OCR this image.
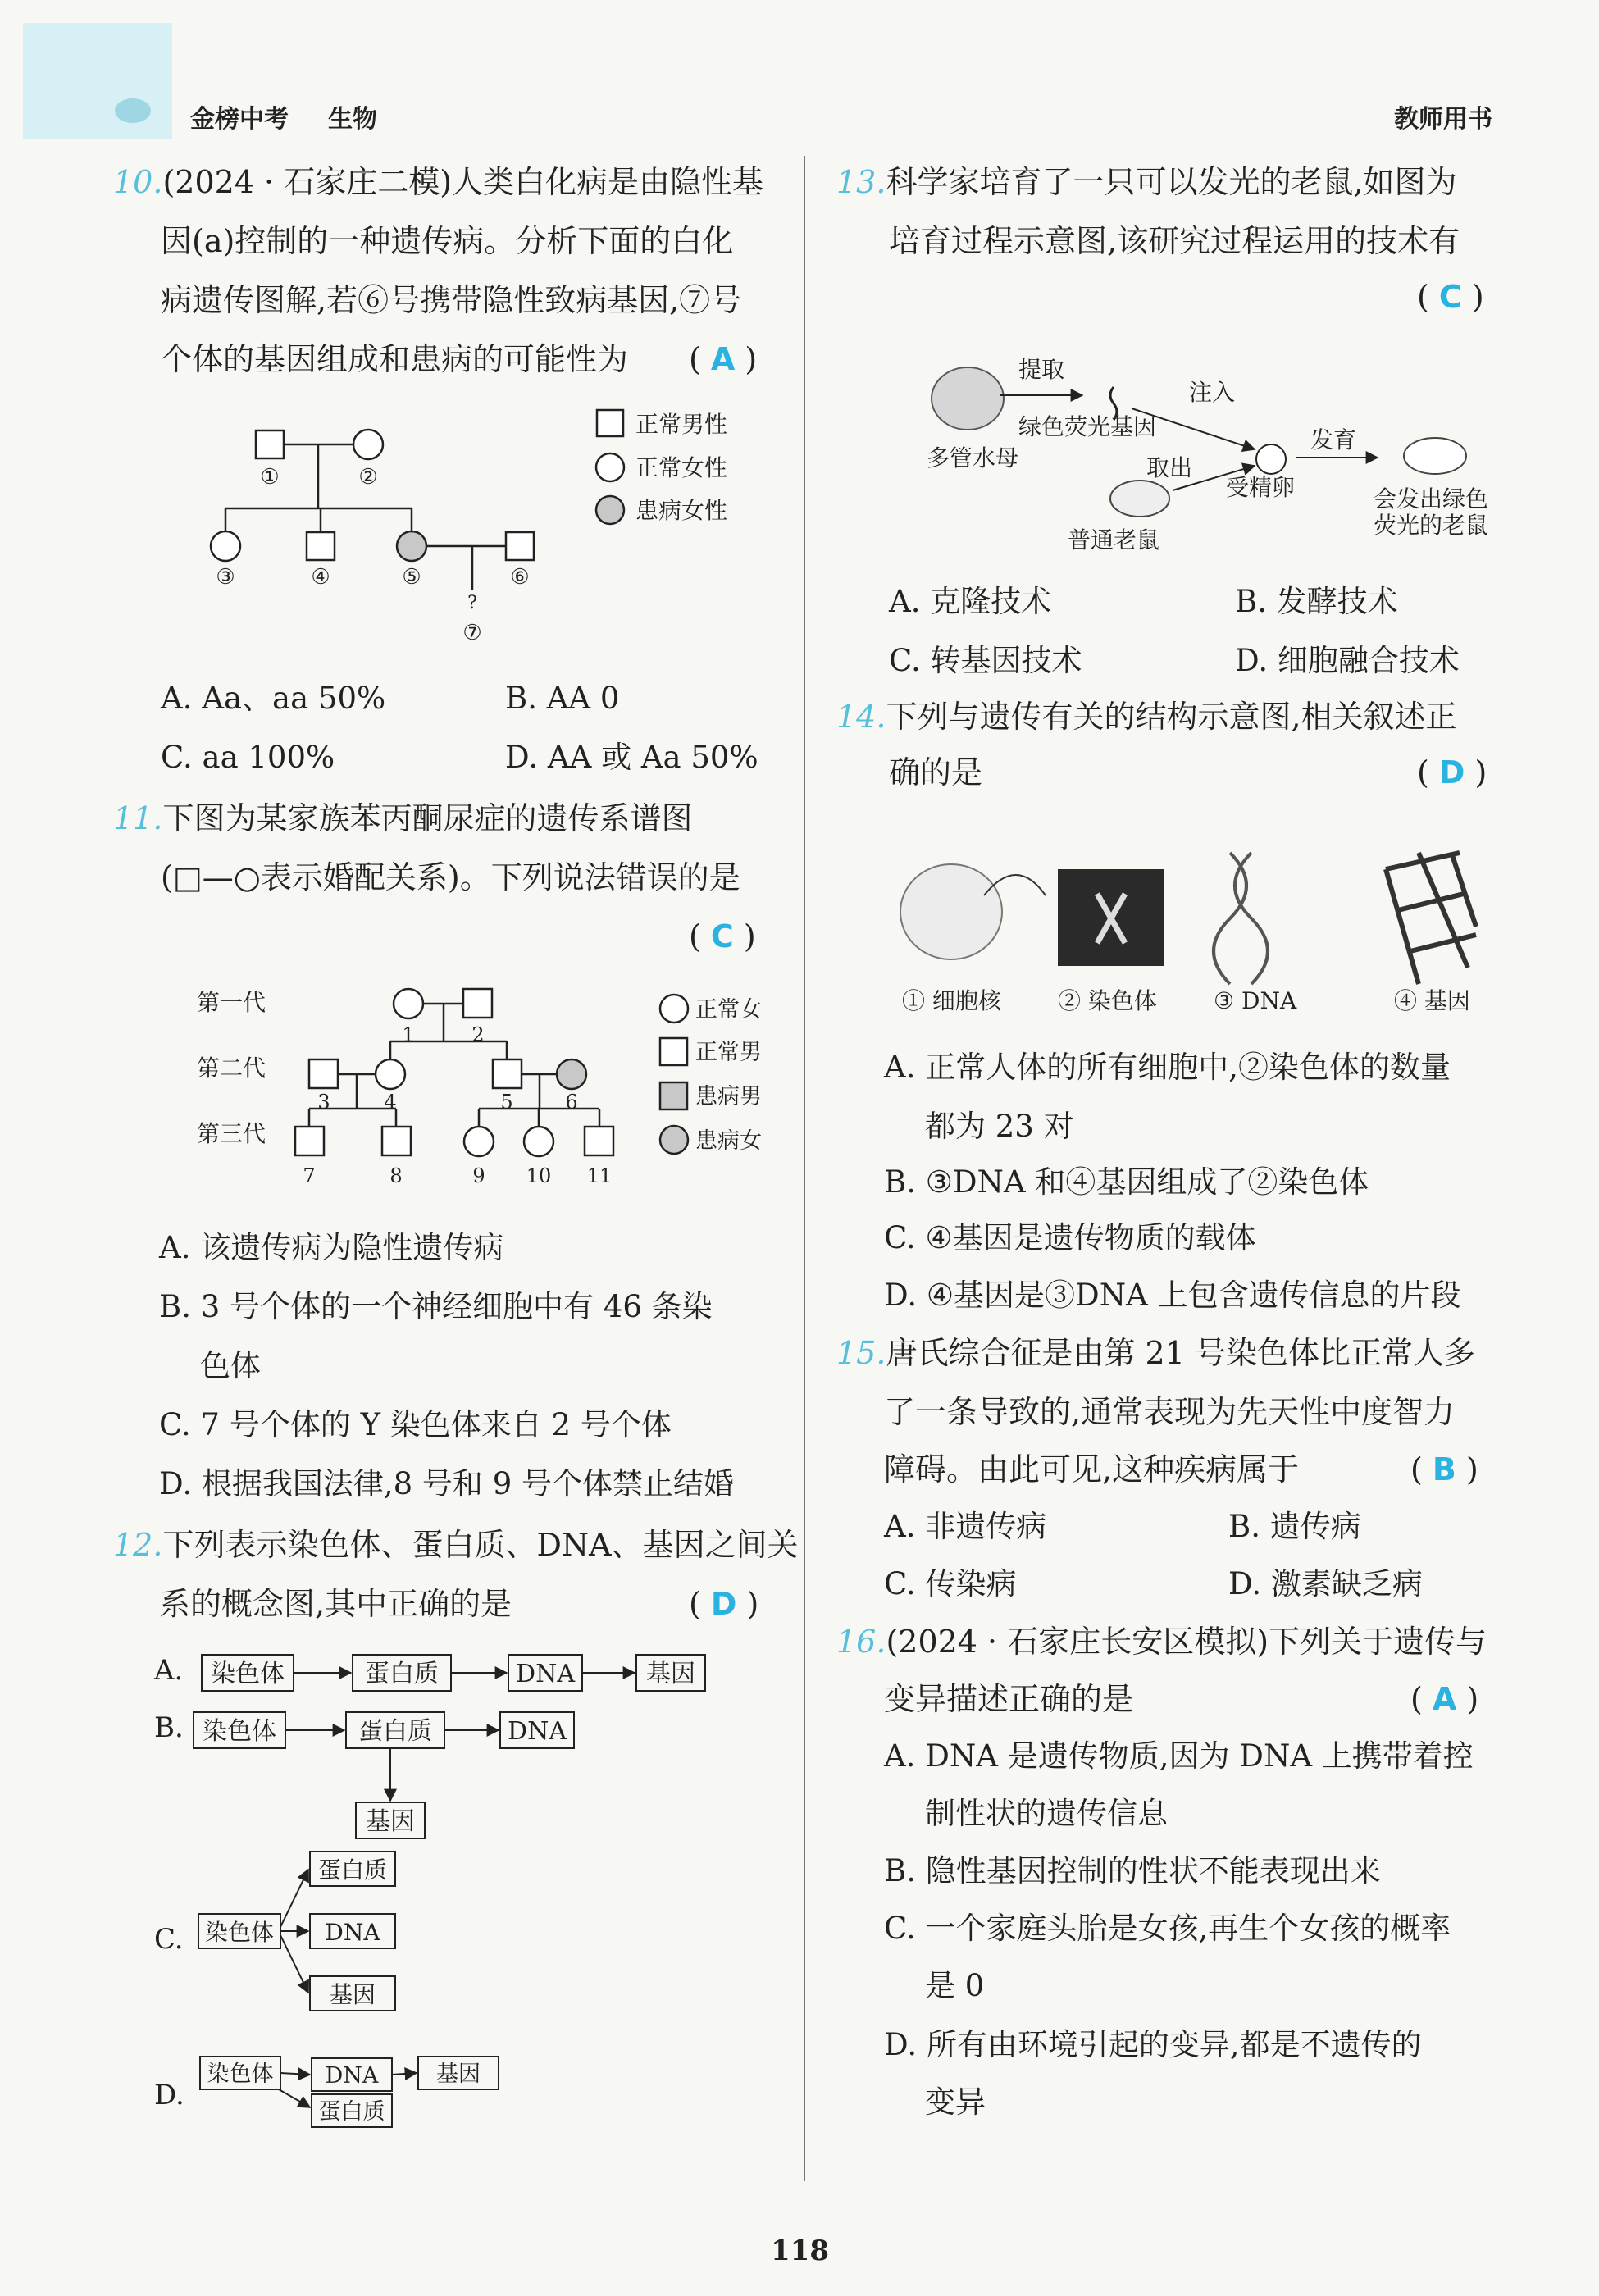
金榜中考 生物	教师用书
10.(2024 · 石家庄二模)人类白化病是由隐性基
因(a)控制的一种遗传病。分析下面的白化
病遗传图解,若⑥号携带隐性致病基因,⑦号
个体的基因组成和患病的可能性为 ( A )
①	②
③	④	⑤	⑥
?
⑦
正常男性
正常女性
患病女性
A. Aa、aa 50%	B. AA 0
C. aa 100%	D. AA 或 Aa 50%
11.下图为某家族苯丙酮尿症的遗传系谱图
(□—○表示婚配关系)。下列说法错误的是
( C )
第一代
第二代
第三代
1	2
3	4	5	6
7	8	9 10 11
正常女
正常男
患病男
患病女
A. 该遗传病为隐性遗传病
B. 3 号个体的一个神经细胞中有 46 条染
色体
C. 7 号个体的 Y 染色体来自 2 号个体
D. 根据我国法律,8 号和 9 号个体禁止结婚
12.下列表示染色体、蛋白质、DNA、基因之间关
系的概念图,其中正确的是	( D )
A.
B.
C.
D.
染色体	蛋白质	DNA	基因
染色体	蛋白质	DNA
基因
蛋白质
染色体 DNA
基因
染色体 DNA	基因
蛋白质
13.科学家培育了一只可以发光的老鼠,如图为
培育过程示意图,该研究过程运用的技术有
( C )
提取
绿色荧光基因
多管水母
注入
取出
受精卵
发育
普通老鼠
会发出绿色
荧光的老鼠
A. 克隆技术	B. 发酵技术
C. 转基因技术	D. 细胞融合技术
14.下列与遗传有关的结构示意图,相关叙述正
确的是	( D )
① 细胞核 ② 染色体 ③ DNA	④ 基因
A. 正常人体的所有细胞中,②染色体的数量
都为 23 对
B. ③DNA 和④基因组成了②染色体
C. ④基因是遗传物质的载体
D. ④基因是③DNA 上包含遗传信息的片段
15.唐氏综合征是由第 21 号染色体比正常人多
了一条导致的,通常表现为先天性中度智力
障碍。由此可见,这种疾病属于	( B )
A. 非遗传病	B. 遗传病
C. 传染病	D. 激素缺乏病
16.(2024 · 石家庄长安区模拟)下列关于遗传与
变异描述正确的是	( A )
A. DNA 是遗传物质,因为 DNA 上携带着控
制性状的遗传信息
B. 隐性基因控制的性状不能表现出来
C. 一个家庭头胎是女孩,再生个女孩的概率
是 0
D. 所有由环境引起的变异,都是不遗传的
变异
118
